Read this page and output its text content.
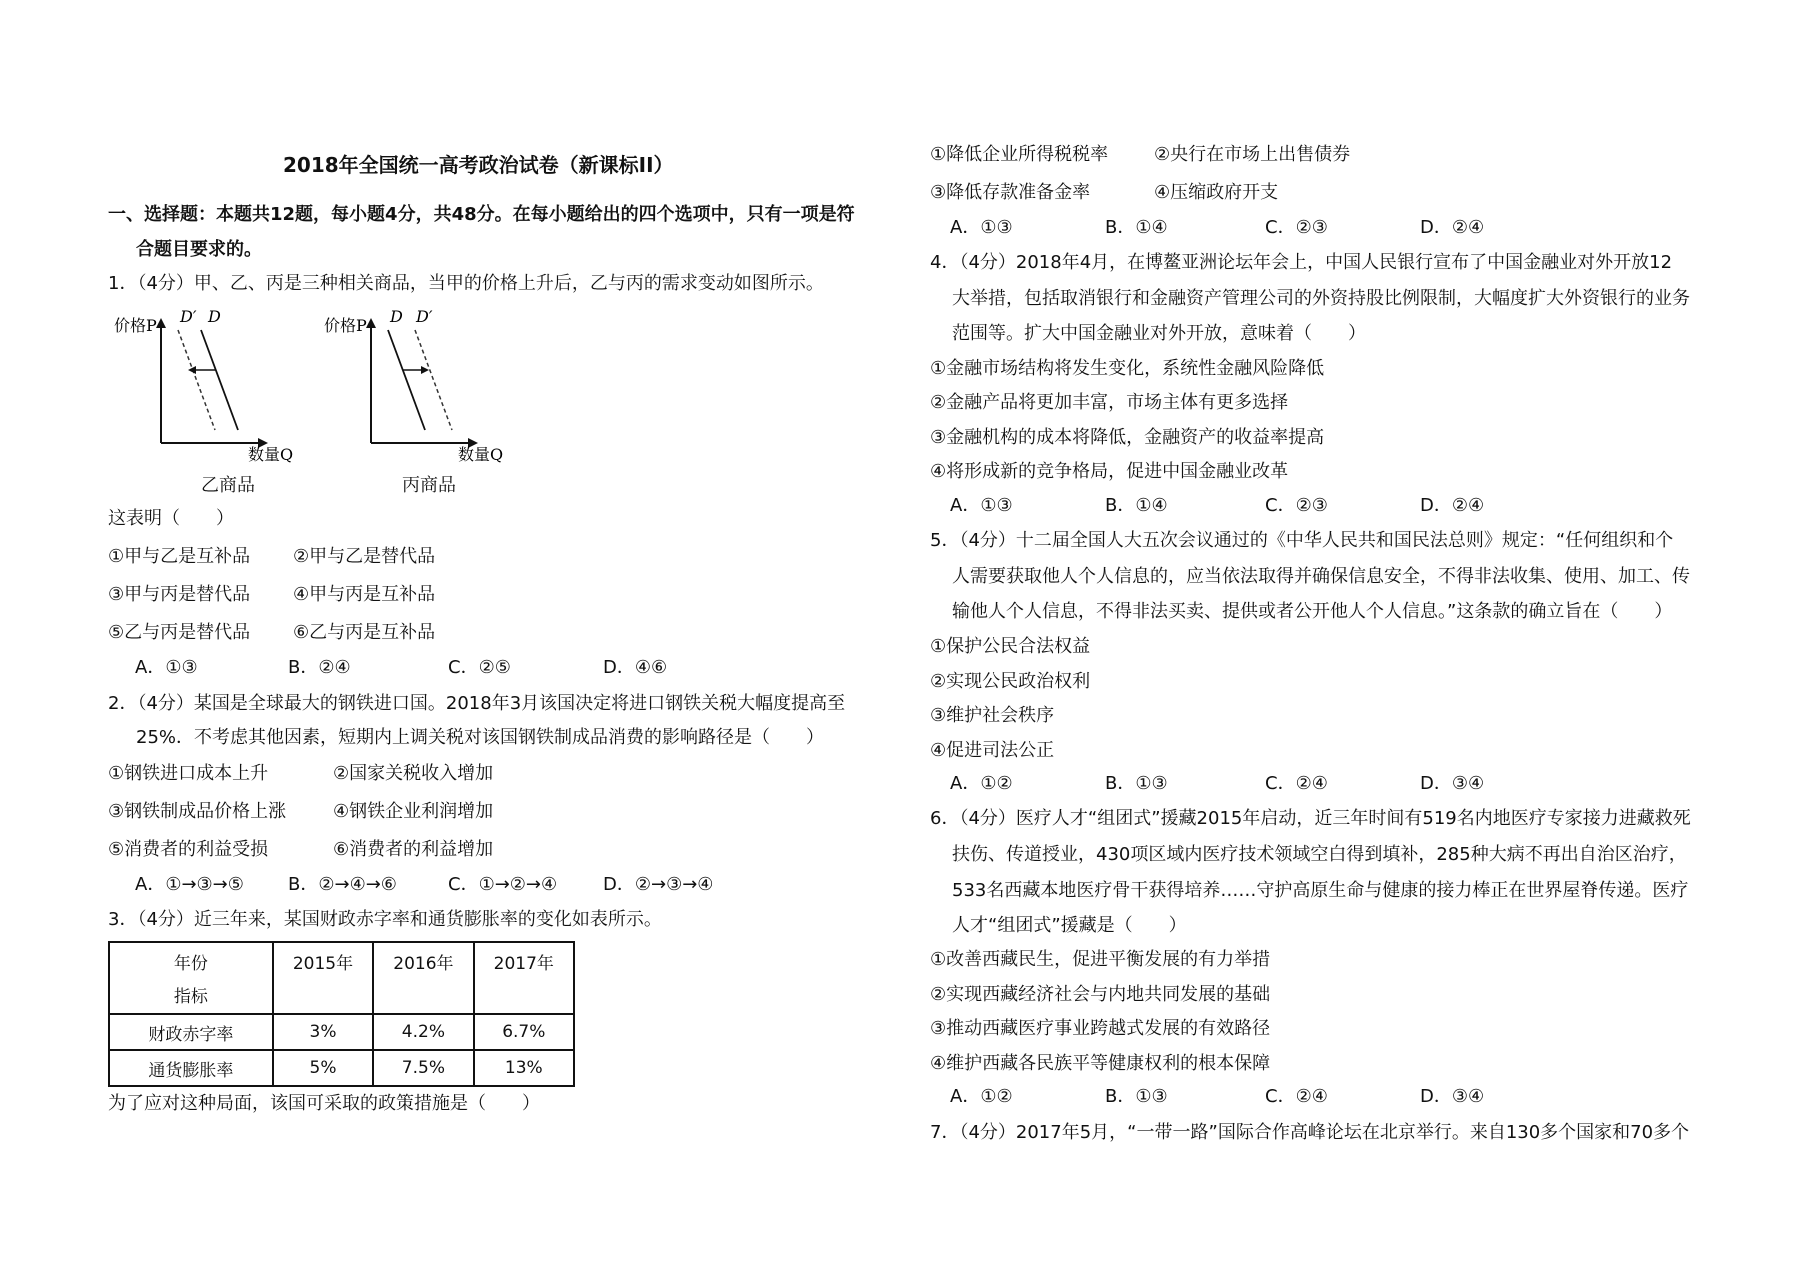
2018年全国统一高考政治试卷（新课标II）
一、选择题：本题共12题，每小题4分，共48分。在每小题给出的四个选项中，只有一项是符
合题目要求的。
1．（4分）甲、乙、丙是三种相关商品，当甲的价格上升后，乙与丙的需求变动如图所示。
价格P D′ D
数量Q
乙商品
价格P D D′
数量Q
丙商品
这表明（　　）
①甲与乙是互补品 ②甲与乙是替代品
③甲与丙是替代品 ④甲与丙是互补品
⑤乙与丙是替代品 ⑥乙与丙是互补品
A．①③	B．②④	C．②⑤	D．④⑥
2．（4分）某国是全球最大的钢铁进口国。2018年3月该国决定将进口钢铁关税大幅度提高至
25%．不考虑其他因素，短期内上调关税对该国钢铁制成品消费的影响路径是（　　）
①钢铁进口成本上升	②国家关税收入增加
③钢铁制成品价格上涨	④钢铁企业利润增加
⑤消费者的利益受损	⑥消费者的利益增加
A．①→③→⑤ B．②→④→⑥	C．①→②→④	D．②→③→④
3．（4分）近三年来，某国财政赤字率和通货膨胀率的变化如表所示。
年份
指标	2015年	2016年	2017年
财政赤字率	3%	4.2%	6.7%
通货膨胀率	5%	7.5%	13%
为了应对这种局面，该国可采取的政策措施是（　　）
①降低企业所得税税率	②央行在市场上出售债券
③降低存款准备金率	④压缩政府开支
A．①③	B．①④	C．②③	D．②④
4．（4分）2018年4月，在博鳌亚洲论坛年会上，中国人民银行宣布了中国金融业对外开放12
大举措，包括取消银行和金融资产管理公司的外资持股比例限制，大幅度扩大外资银行的业务
范围等。扩大中国金融业对外开放，意味着（　　）
①金融市场结构将发生变化，系统性金融风险降低
②金融产品将更加丰富，市场主体有更多选择
③金融机构的成本将降低，金融资产的收益率提高
④将形成新的竞争格局，促进中国金融业改革
A．①③	B．①④	C．②③	D．②④
5．（4分）十二届全国人大五次会议通过的《中华人民共和国民法总则》规定：“任何组织和个
人需要获取他人个人信息的，应当依法取得并确保信息安全，不得非法收集、使用、加工、传
输他人个人信息，不得非法买卖、提供或者公开他人个人信息。”这条款的确立旨在（　　）
①保护公民合法权益
②实现公民政治权利
③维护社会秩序
④促进司法公正
A．①②	B．①③	C．②④	D．③④
6．（4分）医疗人才“组团式”援藏2015年启动，近三年时间有519名内地医疗专家接力进藏救死
扶伤、传道授业，430项区域内医疗技术领域空白得到填补，285种大病不再出自治区治疗，
533名西藏本地医疗骨干获得培养……守护高原生命与健康的接力棒正在世界屋脊传递。医疗
人才“组团式”援藏是（　　）
①改善西藏民生，促进平衡发展的有力举措
②实现西藏经济社会与内地共同发展的基础
③推动西藏医疗事业跨越式发展的有效路径
④维护西藏各民族平等健康权利的根本保障
A．①②	B．①③	C．②④	D．③④
7．（4分）2017年5月，“一带一路”国际合作高峰论坛在北京举行。来自130多个国家和70多个
